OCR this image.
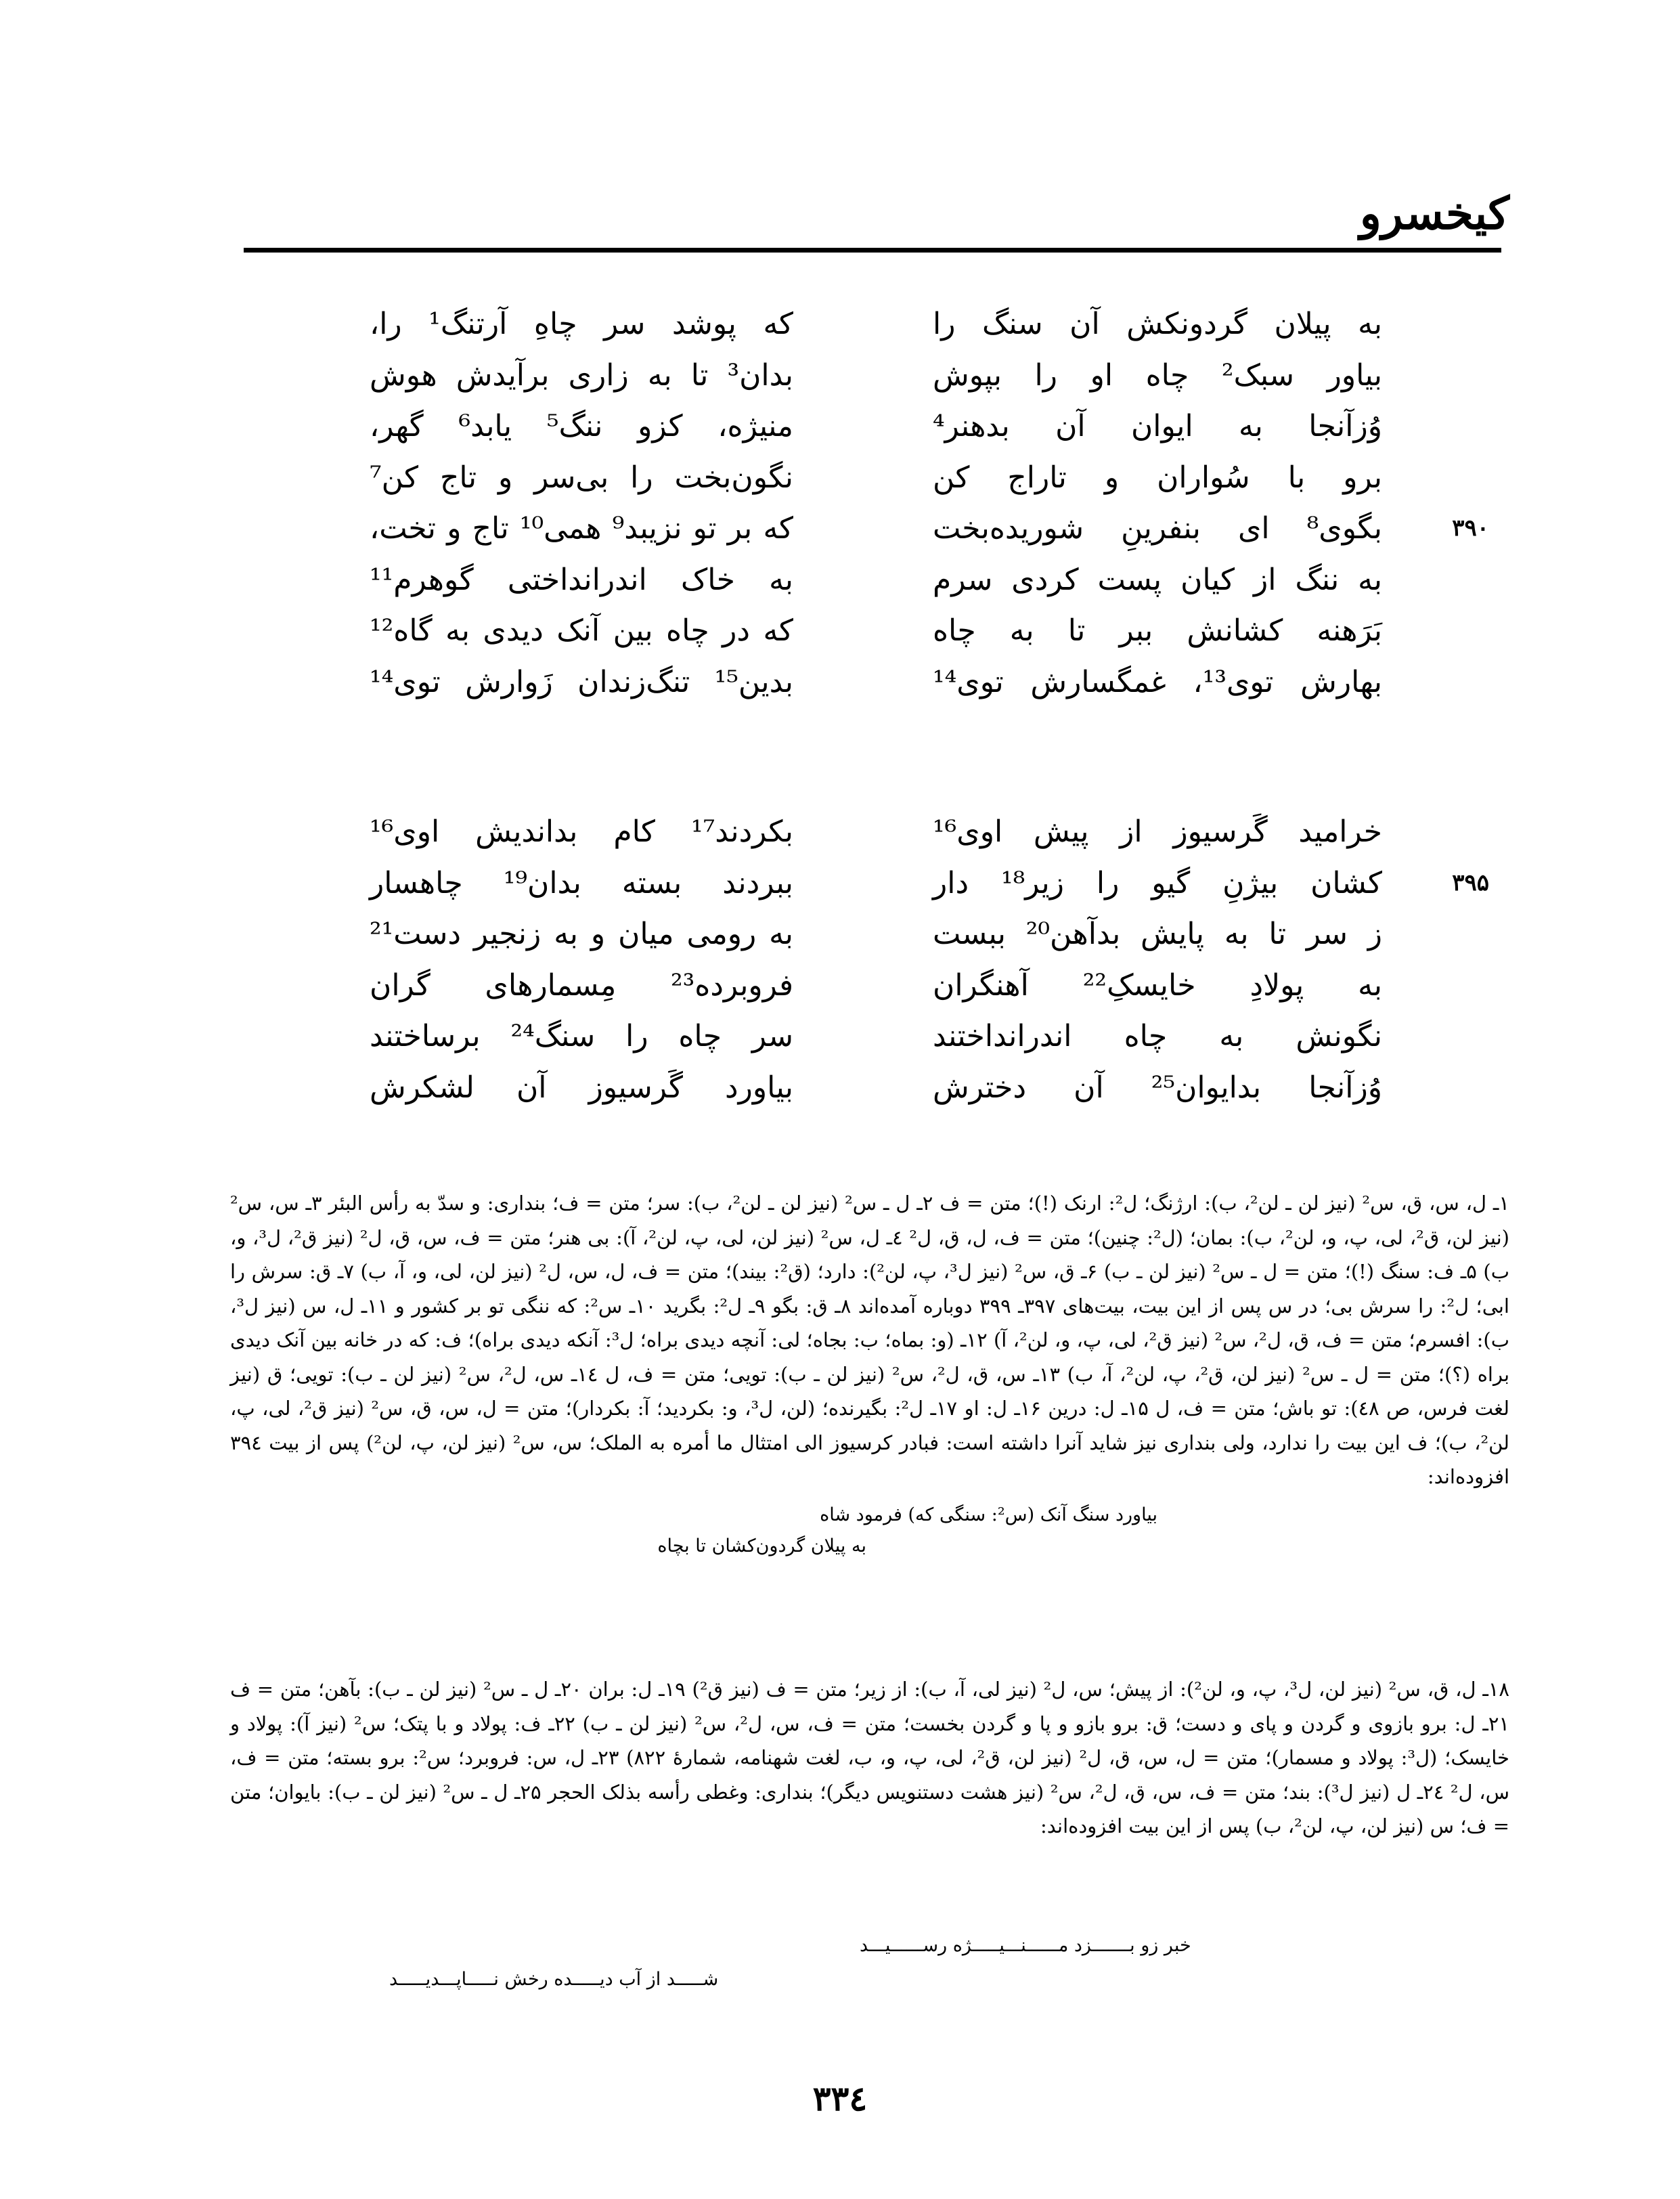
کیخسرو
به پیلان گردونکش آن سنگ را
که پوشد سر چاهِ آرتنگ¹ را،
بیاور سبک² چاه او را بپوش
بدان³ تا به زاری برآیدش هوش
وُزآنجا به ایوان آن بدهنر⁴
منیژه، کزو ننگ⁵ یابد⁶ گهر،
برو با سُواران و تاراج کن
نگون‌بخت را بی‌سر و تاج کن⁷
۳۹۰
بگوی⁸ ای بنفرینِ شوریده‌بخت
که بر تو نزیبد⁹ همی¹⁰ تاج و تخت،
به ننگ از کیان پست کردی سرم
به خاک اندرانداختی گوهرم¹¹
بَرَهنه کشانش ببر تا به چاه
که در چاه بین آنک دیدی به گاه¹²
بهارش توی¹³، غمگسارش توی¹⁴
بدین¹⁵ تنگ‌زندان زَوارش توی¹⁴
خرامید گَرسیوز از پیش اوی¹⁶
بکردند¹⁷ کام بداندیش اوی¹⁶
۳۹۵
کشان بیژنِ گیو را زیر¹⁸ دار
ببردند بسته بدان¹⁹ چاهسار
ز سر تا به پایش بدآهن²⁰ ببست
به رومی میان و به زنجیر دست²¹
به پولادِ خایسکِ²² آهنگران
فروبرده²³ مِسمارهای گران
نگونش به چاه اندرانداختند
سر چاه را سنگ²⁴ برساختند
وُزآنجا بدایوان²⁵ آن دخترش
بیاورد گَرسیوز آن لشکرش

۱ـ ل، س، ق، س² (نیز لن ـ لن²، ب): ارژنگ؛ ل²: ارنک (!)؛ متن = ف ۲ـ ل ـ س² (نیز لن ـ لن²، ب): سر؛ متن = ف؛ بنداری: و سدّ به رأس البئر ۳ـ س، س² (نیز لن، ق²، لی، پ، و، لن²، ب): بمان؛ (ل²: چنین)؛ متن = ف، ل، ق، ل² ٤ـ ل، س² (نیز لن، لی، پ، لن²، آ): بی هنر؛ متن = ف، س، ق، ل² (نیز ق²، ل³، و، ب) ۵ـ ف: سنگ (!)؛ متن = ل ـ س² (نیز لن ـ ب) ۶ـ ق، س² (نیز ل³، پ، لن²): دارد؛ (ق²: بیند)؛ متن = ف، ل، س، ل² (نیز لن، لی، و، آ، ب) ۷ـ ق: سرش را ابی؛ ل²: را سرش بی؛ در س پس از این بیت، بیت‌های ۳۹۷ـ ۳۹۹ دوباره آمده‌اند ۸ـ ق: بگو ۹ـ ل²: بگرید ۱۰ـ س²: که ننگی تو بر کشور و ۱۱ـ ل، س (نیز ل³، ب): افسرم؛ متن = ف، ق، ل²، س² (نیز ق²، لی، پ، و، لن²، آ) ۱۲ـ (و: بماه؛ ب: بجاه؛ لی: آنچه دیدی براه؛ ل³: آنکه دیدی براه)؛ ف: که در خانه بین آنک دیدی براه (؟)؛ متن = ل ـ س² (نیز لن، ق²، پ، لن²، آ، ب) ۱۳ـ س، ق، ل²، س² (نیز لن ـ ب): تویی؛ متن = ف، ل ۱٤ـ س، ل²، س² (نیز لن ـ ب): تویی؛ ق (نیز لغت فرس، ص ٤۸): تو باش؛ متن = ف، ل ۱۵ـ ل: درین ۱۶ـ ل: او ۱۷ـ ل²: بگیرنده؛ (لن، ل³، و: بکردید؛ آ: بکردار)؛ متن = ل، س، ق، س² (نیز ق²، لی، پ، لن²، ب)؛ ف این بیت را ندارد، ولی بنداری نیز شاید آنرا داشته است: فبادر کرسیوز الی امتثال ما أمره به الملک؛ س، س² (نیز لن، پ، لن²) پس از بیت ۳۹٤ افزوده‌اند:

بیاورد سنگ آنک (س²: سنگی که) فرمود شاه
به پیلان گردون‌کشان تا بچاه

۱۸ـ ل، ق، س² (نیز لن، ل³، پ، و، لن²): از پیش؛ س، ل² (نیز لی، آ، ب): از زیر؛ متن = ف (نیز ق²) ۱۹ـ ل: بران ۲۰ـ ل ـ س² (نیز لن ـ ب): بآهن؛ متن = ف ۲۱ـ ل: برو بازوی و گردن و پای و دست؛ ق: برو بازو و پا و گردن بخست؛ متن = ف، س، ل²، س² (نیز لن ـ ب) ۲۲ـ ف: پولاد و با پتک؛ س² (نیز آ): پولاد و خایسک؛ (ل³: پولاد و مسمار)؛ متن = ل، س، ق، ل² (نیز لن، ق²، لی، پ، و، ب، لغت شهنامه، شمارهٔ ۸۲۲) ۲۳ـ ل، س: فروبرد؛ س²: برو بسته؛ متن = ف، س، ل² ۲٤ـ ل (نیز ل³): بند؛ متن = ف، س، ق، ل²، س² (نیز هشت دستنویس دیگر)؛ بنداری: وغطی رأسه بذلک الحجر ۲۵ـ ل ـ س² (نیز لن ـ ب): بایوان؛ متن = ف؛ س (نیز لن، پ، لن²، ب) پس از این بیت افزوده‌اند:

خبر زو بـــــــزد مــــــنـــیـــــژه رســــــیـــد
شـــــد از آب دیـــــده رخش نـــــاپـــدیـــــد
۳۳٤
